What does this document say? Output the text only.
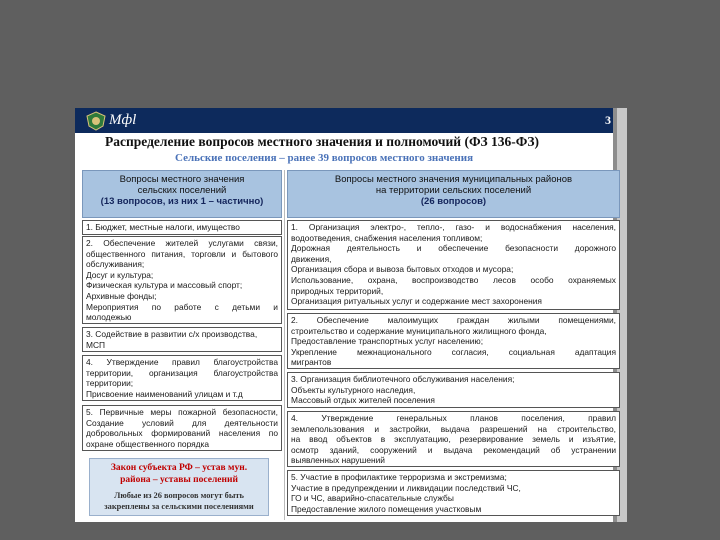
Мфl	3
Распределение вопросов местного значения и полномочий (ФЗ 136-ФЗ)
Сельские поселения – ранее 39 вопросов местного значения
Вопросы местного значения
сельских поселений
(13 вопросов, из них 1 – частично)
Вопросы местного значения муниципальных районов
на территории сельских поселений
(26 вопросов)
1. Бюджет, местные налоги, имущество
2. Обеспечение жителей услугами связи,
общественного питания, торговли и бытового
обслуживания;
Досуг и культура;
Физическая культура и массовый спорт;
Архивные фонды;
Мероприятия по работе с детьми и
молодежью
3. Содействие в развитии с/х производства,
МСП
4. Утверждение правил благоустройства
территории, организация благоустройства
территории;
Присвоение наименований улицам и т.д
5. Первичные меры пожарной безопасности,
Создание условий для деятельности
добровольных формирований населения по
охране общественного порядка
Закон субъекта РФ – устав мун.
района – уставы поселений
Любые из 26 вопросов могут быть
закреплены за сельскими поселениями
1. Организация электро-, тепло-, газо- и водоснабжения населения,
водоотведения, снабжения населения топливом;
Дорожная деятельность и обеспечение безопасности дорожного
движения,
Организация сбора и вывоза бытовых отходов и мусора;
Использование, охрана, воспроизводство лесов особо охраняемых
природных территорий,
Организация ритуальных услуг и содержание мест захоронения
2. Обеспечение малоимущих граждан жилыми помещениями,
строительство и содержание муниципального жилищного фонда,
Предоставление транспортных услуг населению;
Укрепление межнационального согласия, социальная адаптация
мигрантов
3. Организация библиотечного обслуживания населения;
Объекты культурного наследия,
Массовый отдых жителей поселения
4. Утверждение генеральных планов поселения, правил
землепользования и застройки, выдача разрешений на строительство,
на ввод объектов в эксплуатацию, резервирование земель и изъятие,
осмотр зданий, сооружений и выдача рекомендаций об устранении
выявленных нарушений
5. Участие в профилактике терроризма и экстремизма;
Участие в предупреждении и ликвидации последствий ЧС,
ГО и ЧС, аварийно-спасательные службы
Предоставление жилого помещения участковым
